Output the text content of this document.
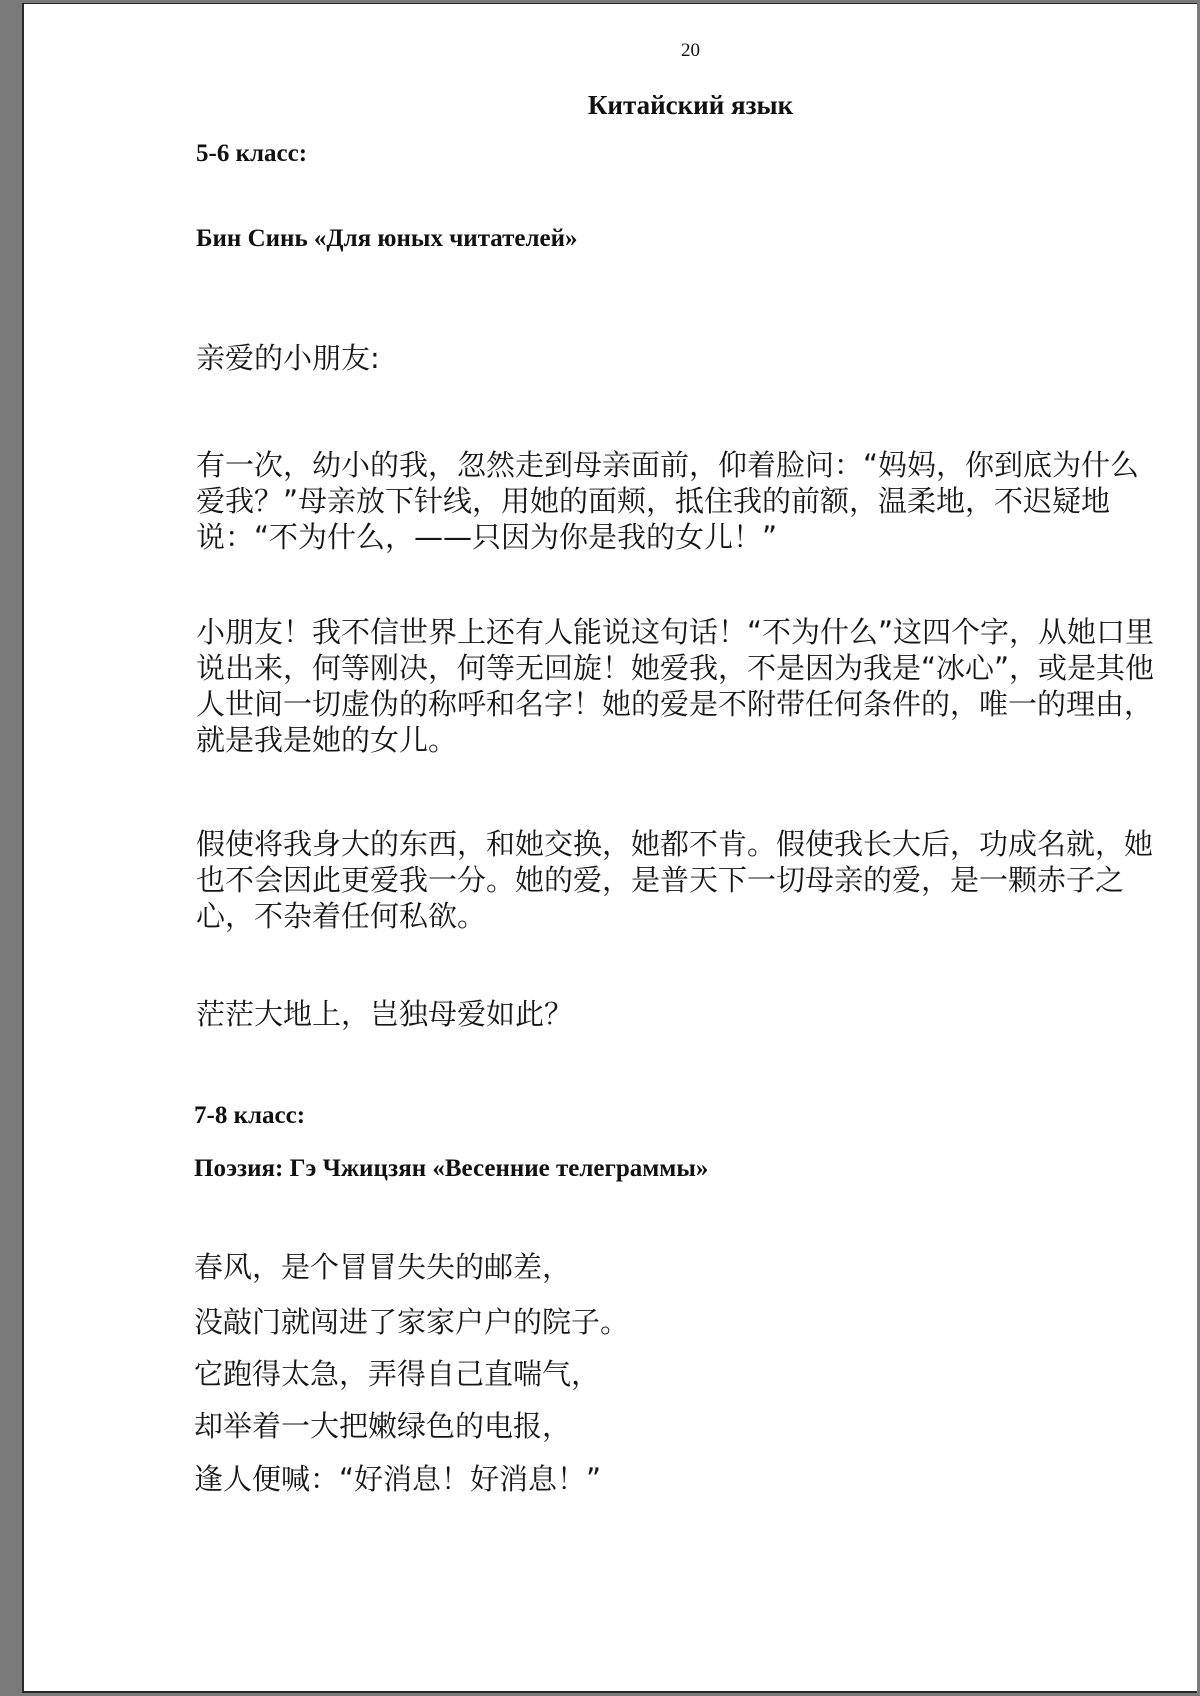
20
Китайский язык
5-6 класс:
Бин Синь «Для юных читателей»
亲爱的小朋友:
有一次，幼小的我，忽然走到母亲面前，仰着脸问：“妈妈，你到底为什么
爱我？”母亲放下针线，用她的面颊，抵住我的前额，温柔地，不迟疑地
说：“不为什么，——只因为你是我的女儿！”
小朋友！我不信世界上还有人能说这句话！“不为什么”这四个字，从她口里
说出来，何等刚决，何等无回旋！她爱我，不是因为我是“冰心”，或是其他
人世间一切虚伪的称呼和名字！她的爱是不附带任何条件的，唯一的理由，
就是我是她的女儿。
假使将我身大的东西，和她交换，她都不肯。假使我长大后，功成名就，她
也不会因此更爱我一分。她的爱，是普天下一切母亲的爱，是一颗赤子之
心，不杂着任何私欲。
茫茫大地上，岂独母爱如此？
7-8 класс:
Поэзия: Гэ Чжицзян «Весенние телеграммы»
春风，是个冒冒失失的邮差，
没敲门就闯进了家家户户的院子。
它跑得太急，弄得自己直喘气，
却举着一大把嫩绿色的电报，
逢人便喊：“好消息！好消息！”
